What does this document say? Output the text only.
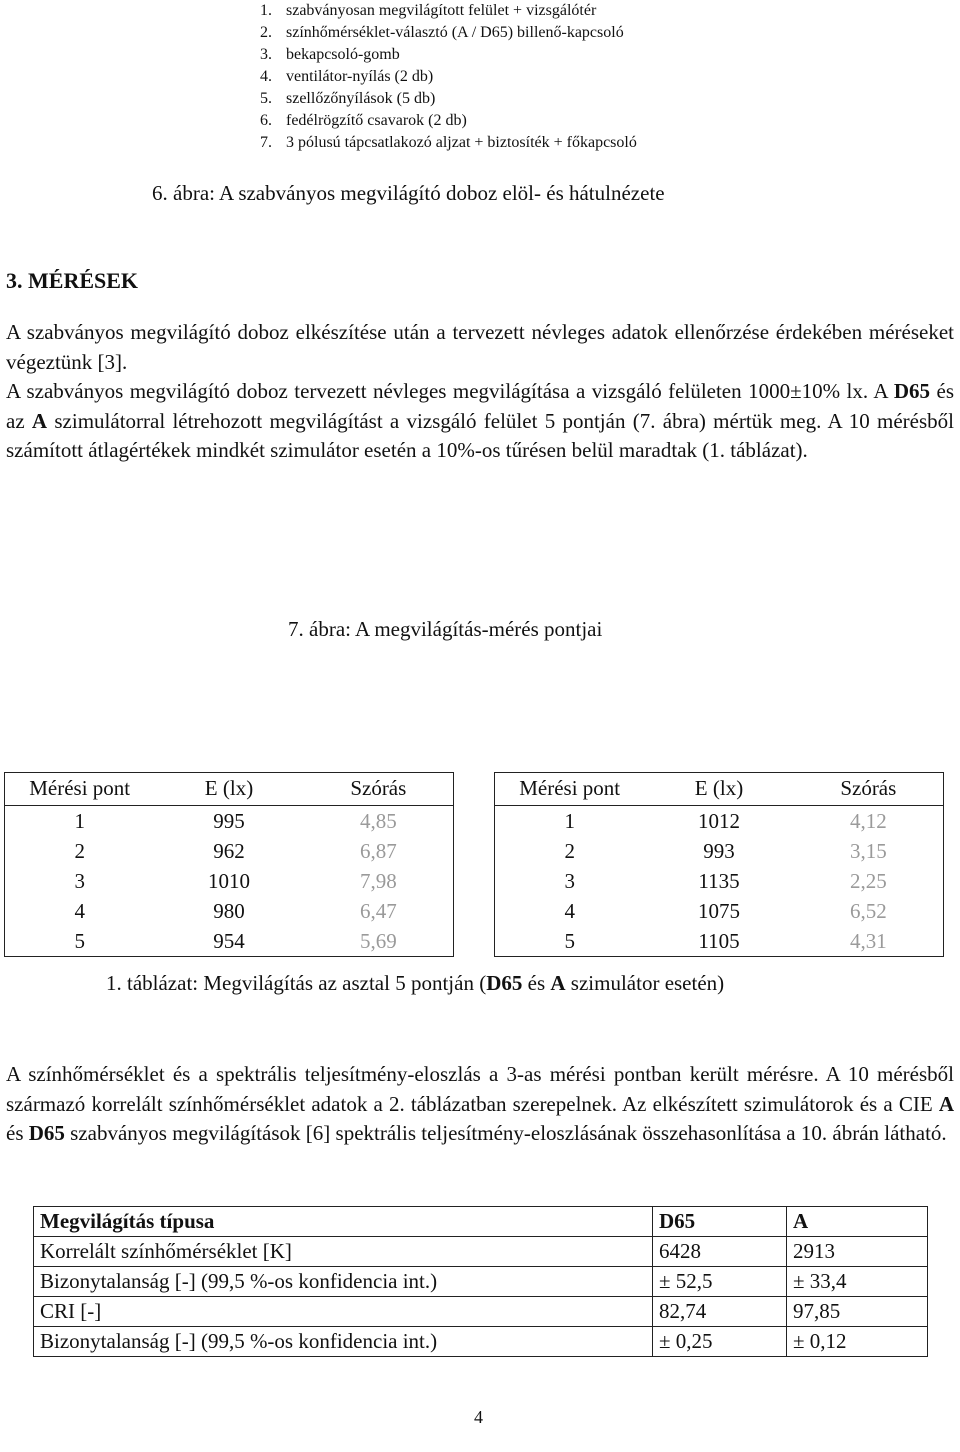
1. szabványosan megvilágított felület + vizsgálótér
2. színhőmérséklet-választó (A / D65) billenő-kapcsoló
3. bekapcsoló-gomb
4. ventilátor-nyílás (2 db)
5. szellőzőnyílások (5 db)
6. fedélrögzítő csavarok (2 db)
7. 3 pólusú tápcsatlakozó aljzat + biztosíték + főkapcsoló
6. ábra: A szabványos megvilágító doboz elöl- és hátulnézete
3. MÉRÉSEK

A szabványos megvilágító doboz elkészítése után a tervezett névleges adatok ellenőrzése érdekében méréseket végeztünk [3].

A szabványos megvilágító doboz tervezett névleges megvilágítása a vizsgáló felületen 1000±10% lx. A D65 és az A szimulátorral létrehozott megvilágítást a vizsgáló felület 5 pontján (7. ábra) mértük meg. A 10 mérésből számított átlagértékek mindkét szimulátor esetén a 10%-os tűrésen belül maradtak (1. táblázat).

7. ábra: A megvilágítás-mérés pontjai
Mérési pont	E (lx)	Szórás
1	995	4,85
2	962	6,87
3	1010	7,98
4	980	6,47
5	954	5,69
Mérési pont	E (lx)	Szórás
1	1012	4,12
2	993	3,15
3	1135	2,25
4	1075	6,52
5	1105	4,31
1. táblázat: Megvilágítás az asztal 5 pontján (D65 és A szimulátor esetén)

A színhőmérséklet és a spektrális teljesítmény-eloszlás a 3-as mérési pontban került mérésre. A 10 mérésből származó korrelált színhőmérséklet adatok a 2. táblázatban szerepelnek. Az elkészített szimulátorok és a CIE A és D65 szabványos megvilágítások [6] spektrális teljesítmény-eloszlásának összehasonlítása a 10. ábrán látható.

Megvilágítás típusa	D65	A
Korrelált színhőmérséklet [K]	6428	2913
Bizonytalanság [-] (99,5 %-os konfidencia int.)	± 52,5	± 33,4
CRI [-]	82,74	97,85
Bizonytalanság [-] (99,5 %-os konfidencia int.)	± 0,25	± 0,12
4
